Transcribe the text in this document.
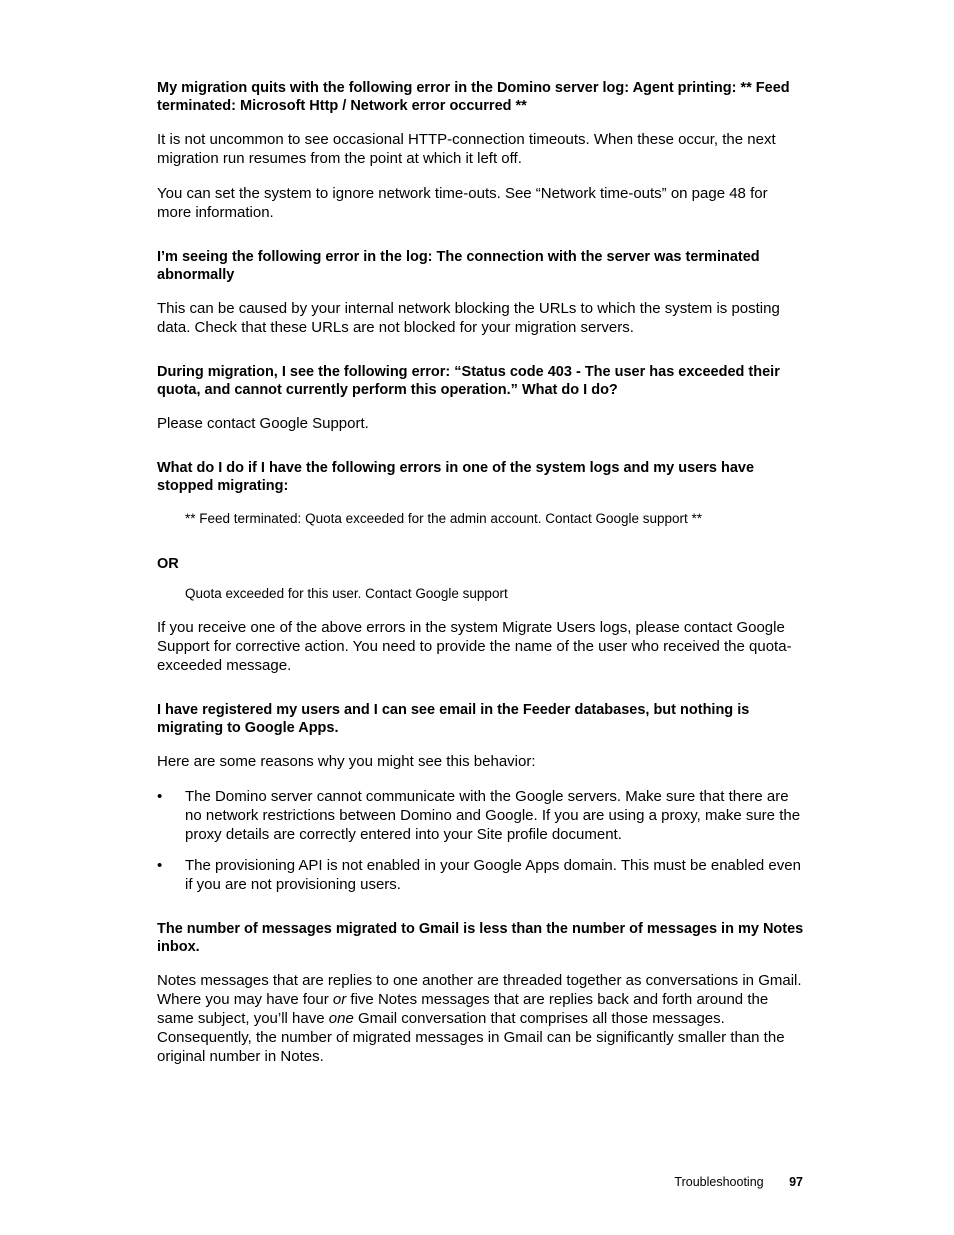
My migration quits with the following error in the Domino server log: Agent printing: ** Feed terminated: Microsoft Http / Network error occurred **
It is not uncommon to see occasional HTTP-connection timeouts. When these occur, the next migration run resumes from the point at which it left off.
You can set the system to ignore network time-outs. See “Network time-outs” on page 48 for more information.
I’m seeing the following error in the log: The connection with the server was terminated abnormally
This can be caused by your internal network blocking the URLs to which the system is posting data. Check that these URLs are not blocked for your migration servers.
During migration, I see the following error: “Status code 403 - The user has exceeded their quota, and cannot currently perform this operation.” What do I do?
Please contact Google Support.
What do I do if I have the following errors in one of the system logs and my users have stopped migrating:
** Feed terminated: Quota exceeded for the admin account. Contact Google support **
OR
Quota exceeded for this user. Contact Google support
If you receive one of the above errors in the system Migrate Users logs, please contact Google Support for corrective action. You need to provide the name of the user who received the quota-exceeded message.
I have registered my users and I can see email in the Feeder databases, but nothing is migrating to Google Apps.
Here are some reasons why you might see this behavior:
• The Domino server cannot communicate with the Google servers. Make sure that there are no network restrictions between Domino and Google. If you are using a proxy, make sure the proxy details are correctly entered into your Site profile document.
• The provisioning API is not enabled in your Google Apps domain. This must be enabled even if you are not provisioning users.
The number of messages migrated to Gmail is less than the number of messages in my Notes inbox.
Notes messages that are replies to one another are threaded together as conversations in Gmail. Where you may have four or five Notes messages that are replies back and forth around the same subject, you’ll have one Gmail conversation that comprises all those messages. Consequently, the number of migrated messages in Gmail can be significantly smaller than the original number in Notes.
Troubleshooting 97
